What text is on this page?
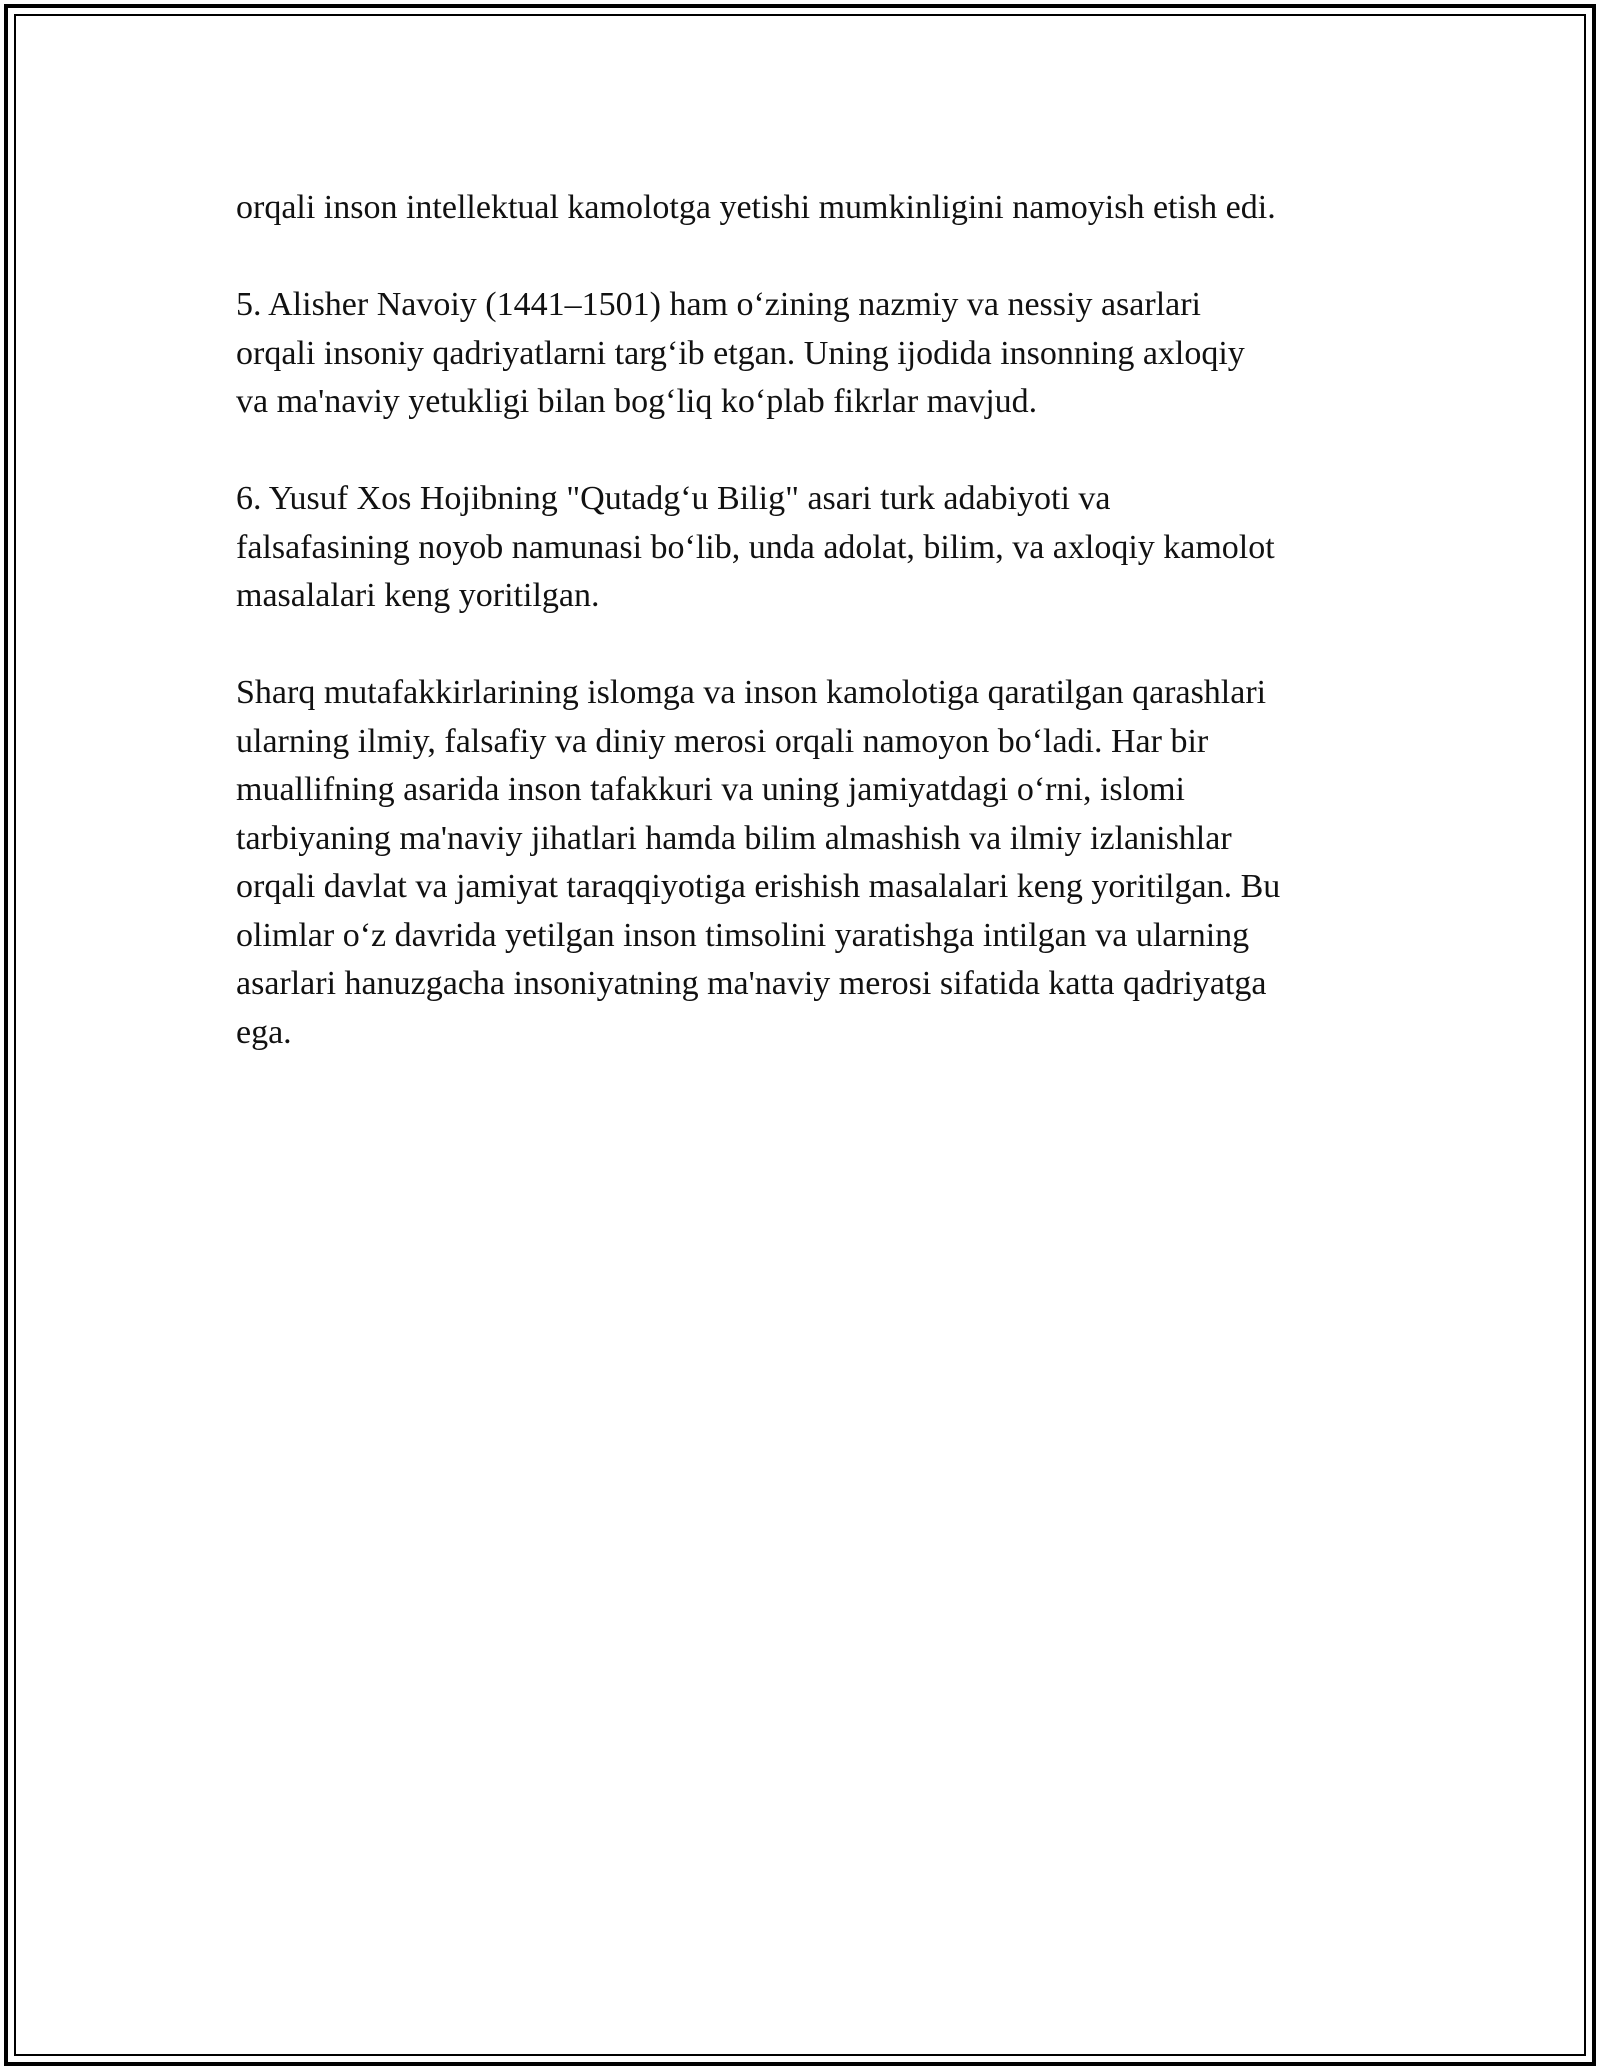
orqali inson intellektual kamolotga yetishi mumkinligini namoyish etish edi.

5. Alisher Navoiy (1441–1501) ham o‘zining nazmiy va nessiy asarlari
orqali insoniy qadriyatlarni targ‘ib etgan. Uning ijodida insonning axloqiy
va ma'naviy yetukligi bilan bog‘liq ko‘plab fikrlar mavjud.

6. Yusuf Xos Hojibning "Qutadg‘u Bilig" asari turk adabiyoti va
falsafasining noyob namunasi bo‘lib, unda adolat, bilim, va axloqiy kamolot
masalalari keng yoritilgan.

Sharq mutafakkirlarining islomga va inson kamolotiga qaratilgan qarashlari
ularning ilmiy, falsafiy va diniy merosi orqali namoyon bo‘ladi. Har bir
muallifning asarida inson tafakkuri va uning jamiyatdagi o‘rni, islomi
tarbiyaning ma'naviy jihatlari hamda bilim almashish va ilmiy izlanishlar
orqali davlat va jamiyat taraqqiyotiga erishish masalalari keng yoritilgan. Bu
olimlar o‘z davrida yetilgan inson timsolini yaratishga intilgan va ularning
asarlari hanuzgacha insoniyatning ma'naviy merosi sifatida katta qadriyatga
ega.
